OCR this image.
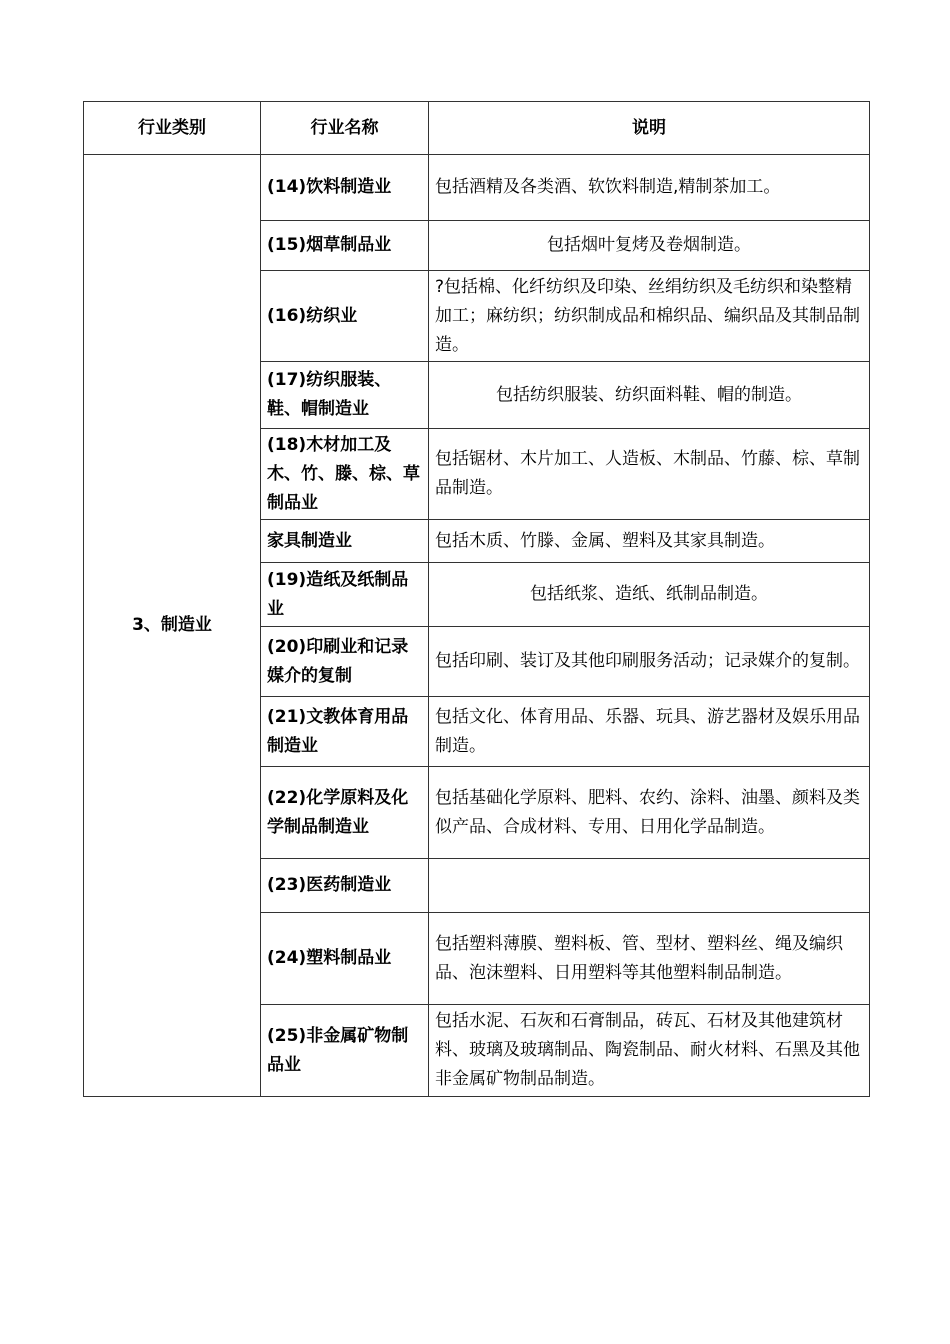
行业类别	行业名称	说明
3、制造业	(14)饮料制造业	包括酒精及各类酒、软饮料制造,精制茶加工。
	(15)烟草制品业	包括烟叶复烤及卷烟制造。
	(16)纺织业	?包括棉、化纤纺织及印染、丝绢纺织及毛纺织和染整精加工；麻纺织；纺织制成品和棉织品、编织品及其制品制造。
	(17)纺织服装、鞋、帽制造业	包括纺织服装、纺织面料鞋、帽的制造。
	(18)木材加工及木、竹、滕、棕、草制品业	包括锯材、木片加工、人造板、木制品、竹藤、棕、草制品制造。
	家具制造业	包括木质、竹滕、金属、塑料及其家具制造。
	(19)造纸及纸制品业	包括纸浆、造纸、纸制品制造。
	(20)印刷业和记录媒介的复制	包括印刷、装订及其他印刷服务活动；记录媒介的复制。
	(21)文教体育用品制造业	包括文化、体育用品、乐器、玩具、游艺器材及娱乐用品制造。
	(22)化学原料及化学制品制造业	包括基础化学原料、肥料、农约、涂料、油墨、颜料及类似产品、合成材料、专用、日用化学品制造。
	(23)医药制造业	
	(24)塑料制品业	包括塑料薄膜、塑料板、管、型材、塑料丝、绳及编织品、泡沫塑料、日用塑料等其他塑料制品制造。
	(25)非金属矿物制品业	包括水泥、石灰和石膏制品，砖瓦、石材及其他建筑材料、玻璃及玻璃制品、陶瓷制品、耐火材料、石黑及其他非金属矿物制品制造。
